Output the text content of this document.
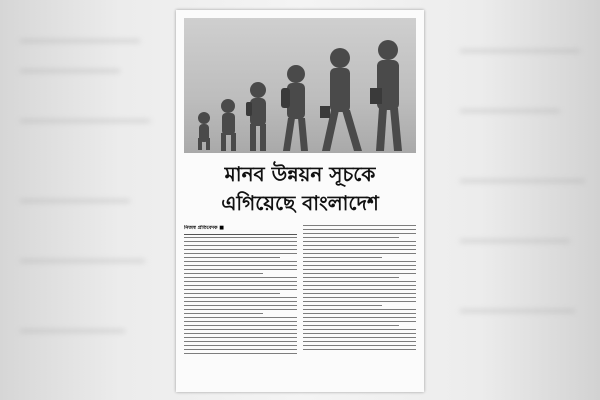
মানব উন্নয়ন সূচকে
এগিয়েছে বাংলাদেশ
নিজস্ব প্রতিবেদক ■
